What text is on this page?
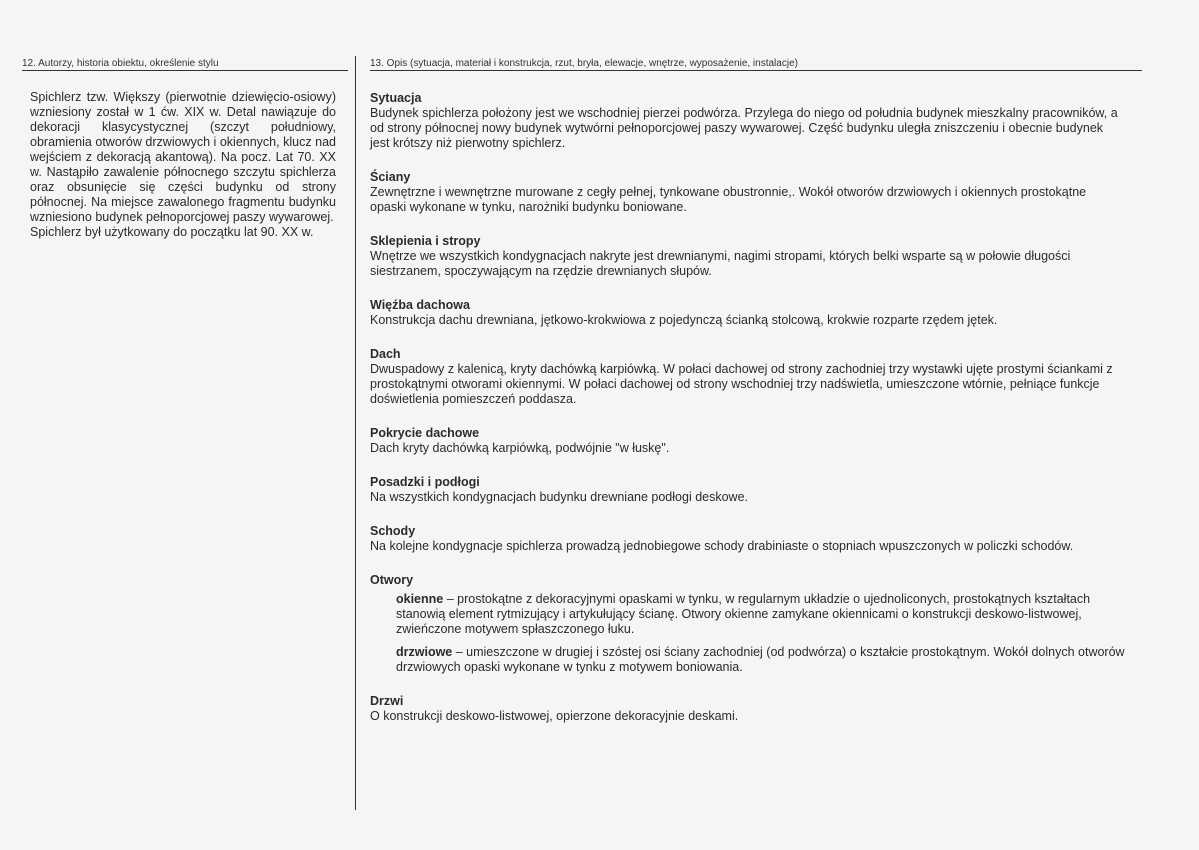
12. Autorzy, historia obiektu, określenie stylu	13. Opis (sytuacja, materiał i konstrukcja, rzut, bryła, elewacje, wnętrze, wyposażenie, instalacje)

Spichlerz tzw. Większy (pierwotnie dziewięcio-osiowy) wzniesiony został w 1 ćw. XIX w. Detal nawiązuje do dekoracji klasycystycznej (szczyt południowy, obramienia otworów drzwiowych i okiennych, klucz nad wejściem z dekoracją akantową). Na pocz. Lat 70. XX w. Nastąpiło zawalenie północnego szczytu spichlerza oraz obsunięcie się części budynku od strony północnej. Na miejsce zawalonego fragmentu budynku wzniesiono budynek pełnoporcjowej paszy wywarowej.

Spichlerz był użytkowany do początku lat 90. XX w.

Sytuacja

Budynek spichlerza położony jest we wschodniej pierzei podwórza. Przylega do niego od południa budynek mieszkalny pracowników, a od strony północnej nowy budynek wytwórni pełnoporcjowej paszy wywarowej. Część budynku uległa zniszczeniu i obecnie budynek jest krótszy niż pierwotny spichlerz.

Ściany

Zewnętrzne i wewnętrzne murowane z cegły pełnej, tynkowane obustronnie,. Wokół otworów drzwiowych i okiennych prostokątne opaski wykonane w tynku, narożniki budynku boniowane.

Sklepienia i stropy

Wnętrze we wszystkich kondygnacjach nakryte jest drewnianymi, nagimi stropami, których belki wsparte są w połowie długości siestrzanem, spoczywającym na rzędzie drewnianych słupów.

Więźba dachowa

Konstrukcja dachu drewniana, jętkowo-krokwiowa z pojedynczą ścianką stolcową, krokwie rozparte rzędem jętek.

Dach

Dwuspadowy z kalenicą, kryty dachówką karpiówką. W połaci dachowej od strony zachodniej trzy wystawki ujęte prostymi ściankami z prostokątnymi otworami okiennymi. W połaci dachowej od strony wschodniej trzy nadświetla, umieszczone wtórnie, pełniące funkcje doświetlenia pomieszczeń poddasza.

Pokrycie dachowe

Dach kryty dachówką karpiówką, podwójnie "w łuskę".

Posadzki i podłogi

Na wszystkich kondygnacjach budynku drewniane podłogi deskowe.

Schody

Na kolejne kondygnacje spichlerza prowadzą jednobiegowe schody drabiniaste o stopniach wpuszczonych w policzki schodów.

Otwory

okienne – prostokątne z dekoracyjnymi opaskami w tynku, w regularnym układzie o ujednoliconych, prostokątnych kształtach stanowią element rytmizujący i artykułujący ścianę. Otwory okienne zamykane okiennicami o konstrukcji deskowo-listwowej, zwieńczone motywem spłaszczonego łuku.

drzwiowe – umieszczone w drugiej i szóstej osi ściany zachodniej (od podwórza) o kształcie prostokątnym. Wokół dolnych otworów drzwiowych opaski wykonane w tynku z motywem boniowania.

Drzwi

O konstrukcji deskowo-listwowej, opierzone dekoracyjnie deskami.
